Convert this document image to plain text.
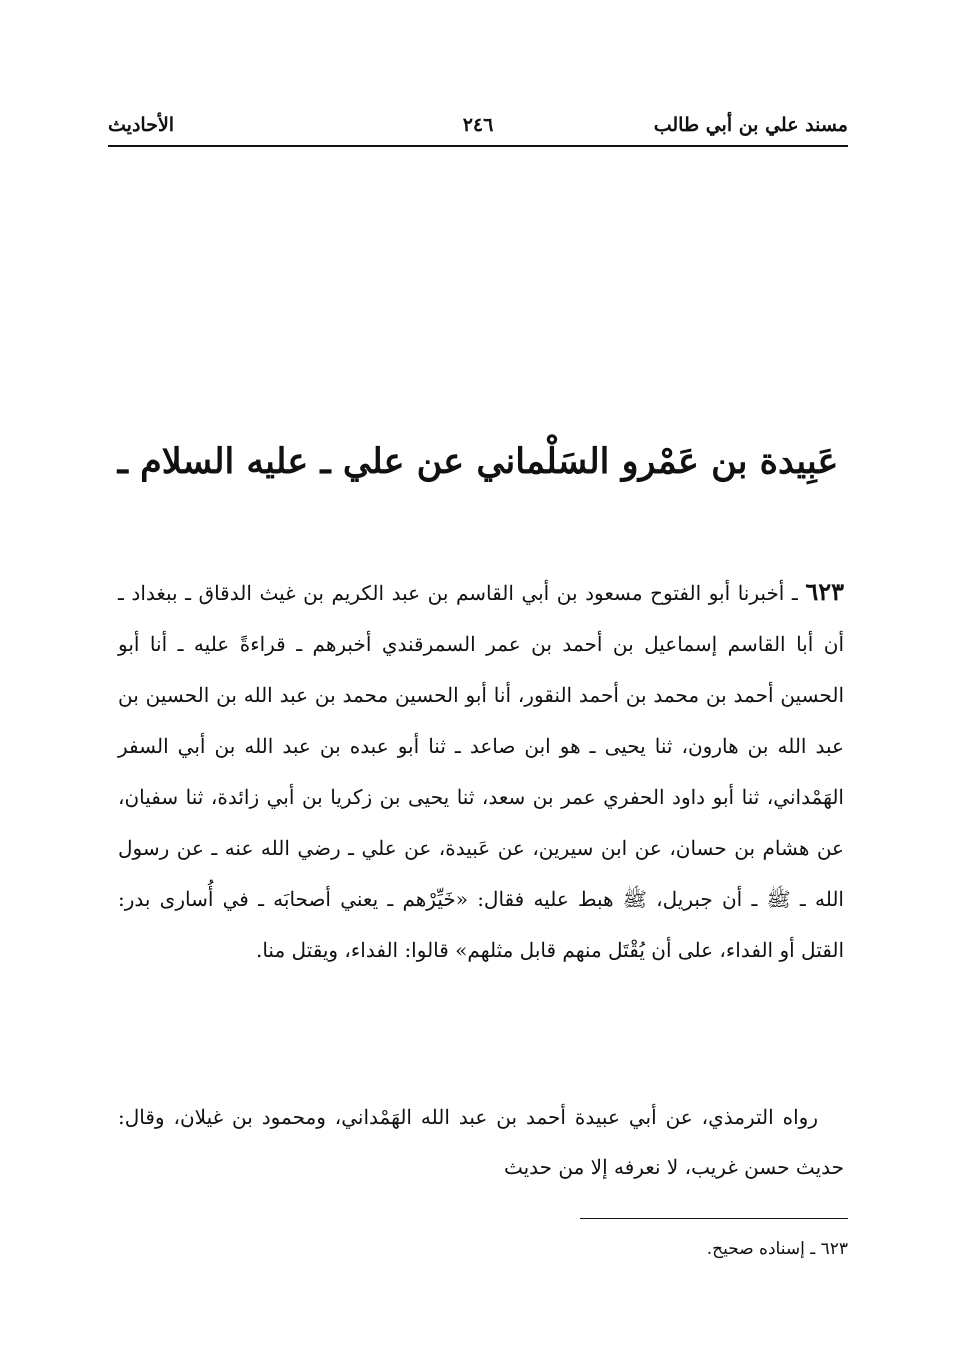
مسند علي بن أبي طالب
٢٤٦
الأحاديث
عَبِيدة بن عَمْرو السَلْماني عن علي ـ عليه السلام ـ
٦٢٣ ـ أخبرنا أبو الفتوح مسعود بن أبي القاسم بن عبد الكريم بن غيث الدقاق ـ ببغداد ـ أن أبا القاسم إسماعيل بن أحمد بن عمر السمرقندي أخبرهم ـ قراءةً عليه ـ أنا أبو الحسين أحمد بن محمد بن أحمد النقور، أنا أبو الحسين محمد بن عبد الله بن الحسين بن عبد الله بن هارون، ثنا يحيى ـ هو ابن صاعد ـ ثنا أبو عبده بن عبد الله بن أبي السفر الهَمْداني، ثنا أبو داود الحفري عمر بن سعد، ثنا يحيى بن زكريا بن أبي زائدة، ثنا سفيان، عن هشام بن حسان، عن ابن سيرين، عن عَبيدة، عن علي ـ رضي الله عنه ـ عن رسول الله ـ ﷺ ـ أن جبريل، ﷺ هبط عليه فقال: «خَيِّرْهم ـ يعني أصحابَه ـ في أُسارى بدر: القتل أو الفداء، على أن يُقْتَل منهم قابل مثلهم» قالوا: الفداء، ويقتل منا.
رواه الترمذي، عن أبي عبيدة أحمد بن عبد الله الهَمْداني، ومحمود بن غيلان، وقال: حديث حسن غريب، لا نعرفه إلا من حديث
٦٢٣ ـ إسناده صحيح.
